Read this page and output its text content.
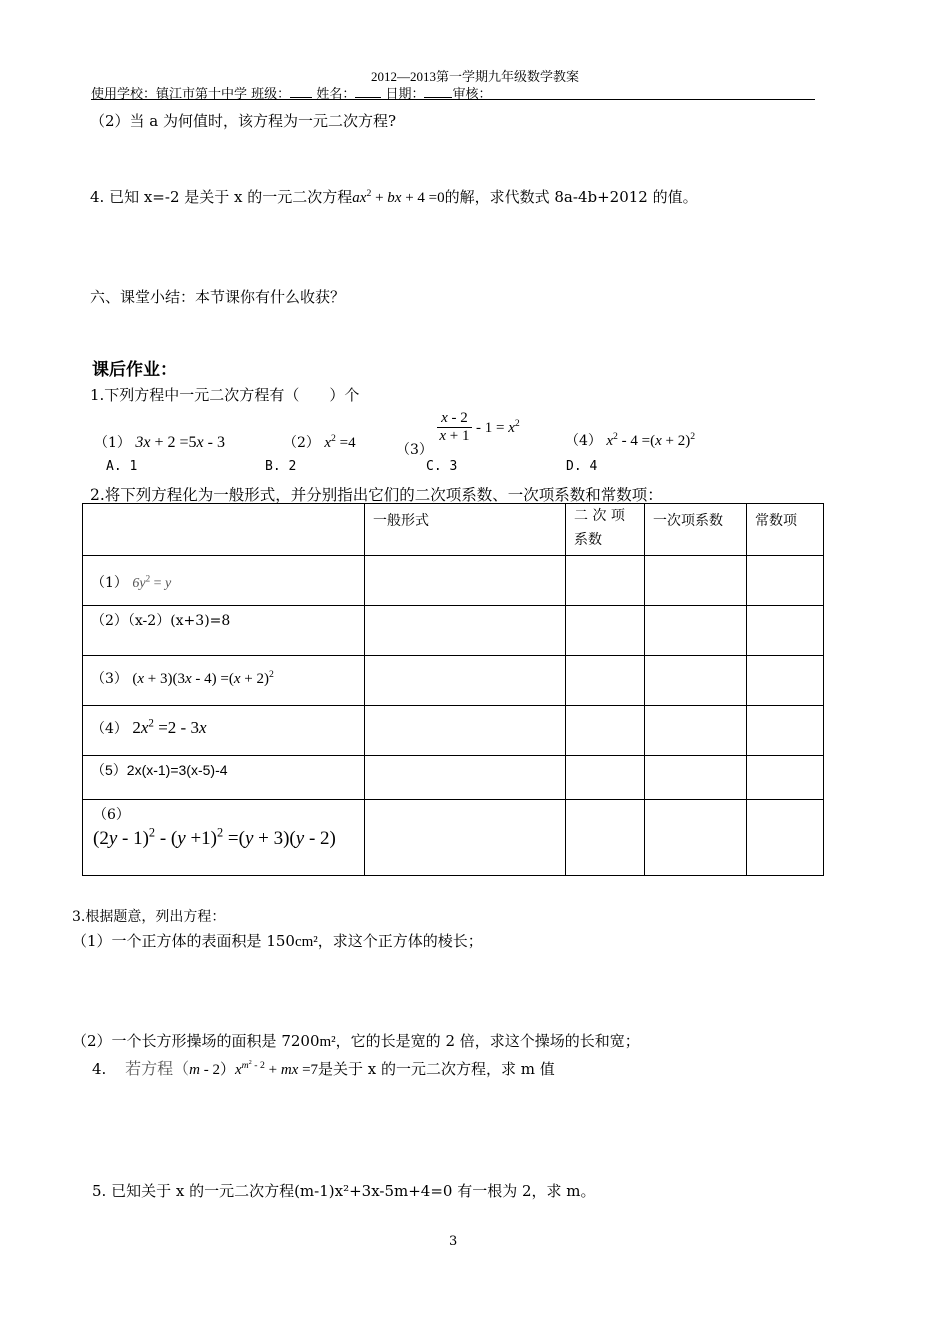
2012—2013第一学期九年级数学教案
使用学校：镇江市第十中学 班级： 姓名： 日期： 审核：
（2）当 a 为何值时，该方程为一元二次方程?
4. 已知 x=-2 是关于 x 的一元二次方程$ax^2$ + bx + 4 =0的解，求代数式 8a-4b+2012 的值。
六、课堂小结：本节课你有什么收获？
课后作业：
1.下列方程中一元二次方程有（　　）个
（1） 3x + 2 =5x - 3	（2） $x^2 =4$	（3）
$\frac{x - 2}{x + 1} - 1 = x^2$
（4） $x^2 - 4 =(x + 2)^2$
A. 1	B. 2	C. 3	D. 4
2.将下列方程化为一般形式，并分别指出它们的二次项系数、一次项系数和常数项：
	一般形式	二 次 项 系数	一次项系数	常数项
（1） $6y^2 = y$				
（2）（x-2）(x+3)=8				
（3） $(x + 3)(3x - 4) =(x + 2)^2$				
（4） $2x^2 =2 - 3x$				
（5）2x(x-1)=3(x-5)-4				

（6）
$(2y - 1)^2 - (y +1)^2 =(y + 3)(y - 2)$				

3.根据题意，列出方程：
（1）一个正方体的表面积是 150cm²，求这个正方体的棱长；
（2）一个长方形操场的面积是 7200m²，它的长是宽的 2 倍，求这个操场的长和宽；
4. 若方程$(m - 2)x^{m^2 - 2}$ + mx =7是关于 x 的一元二次方程，求 m 值
5. 已知关于 x 的一元二次方程(m-1)x²+3x-5m+4=0 有一根为 2，求 m。
3
